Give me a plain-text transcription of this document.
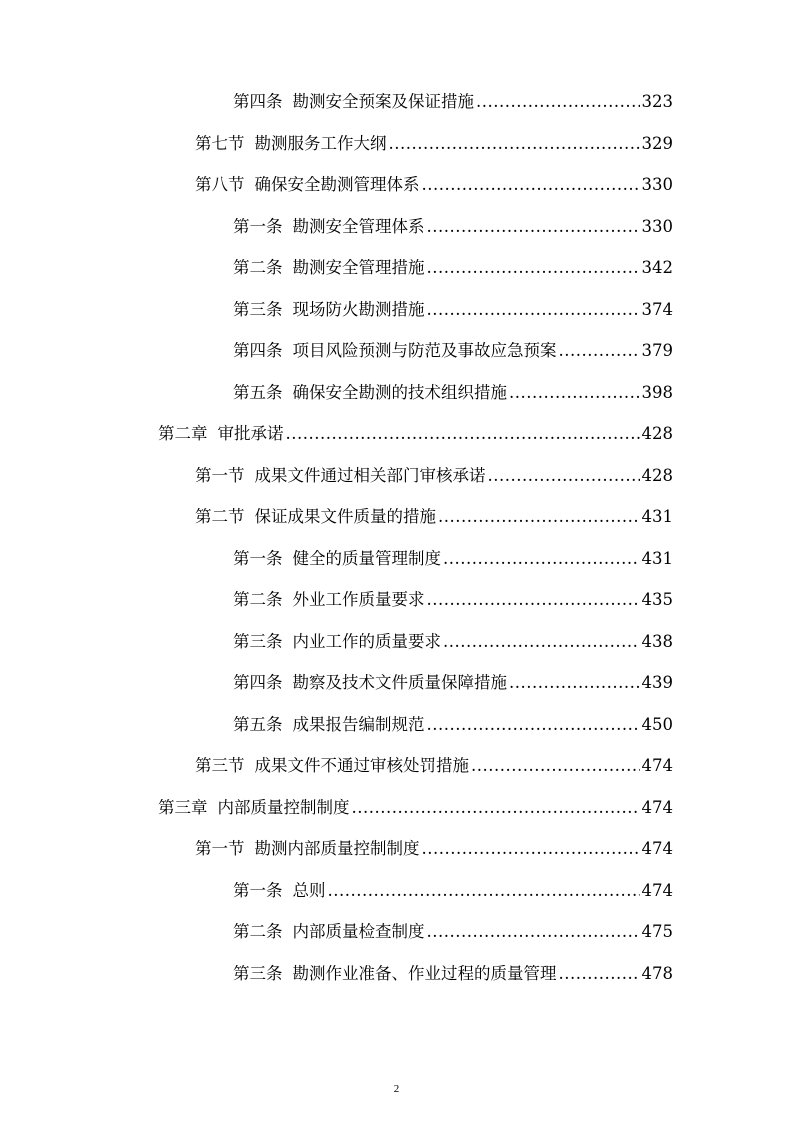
第四条 勘测安全预案及保证措施 .....	323
第七节 勘测服务工作大纲 .....	329
第八节 确保安全勘测管理体系 .....	330
第一条 勘测安全管理体系 .....	330
第二条 勘测安全管理措施 .....	342
第三条 现场防火勘测措施 .....	374
第四条 项目风险预测与防范及事故应急预案 .....	379
第五条 确保安全勘测的技术组织措施 .....	398
第二章 审批承诺 .....	428
第一节 成果文件通过相关部门审核承诺 .....	428
第二节 保证成果文件质量的措施 .....	431
第一条 健全的质量管理制度 .....	431
第二条 外业工作质量要求 .....	435
第三条 内业工作的质量要求 .....	438
第四条 勘察及技术文件质量保障措施 .....	439
第五条 成果报告编制规范 .....	450
第三节 成果文件不通过审核处罚措施 .....	474
第三章 内部质量控制制度 .....	474
第一节 勘测内部质量控制制度 .....	474
第一条 总则 .....	474
第二条 内部质量检查制度 .....	475
第三条 勘测作业准备、作业过程的质量管理 .....	478
2
